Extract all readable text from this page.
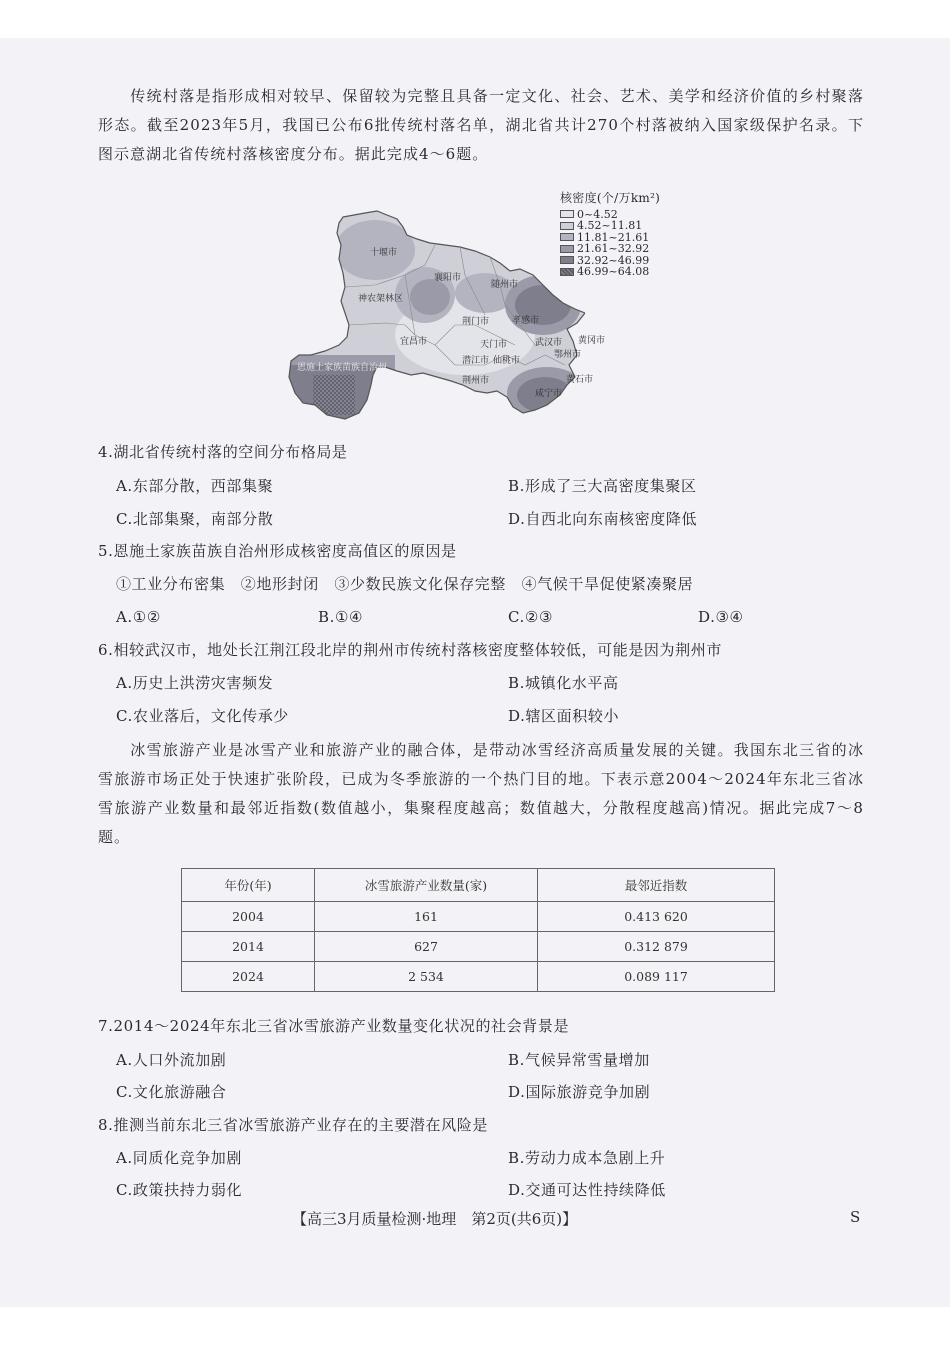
传统村落是指形成相对较早、保留较为完整且具备一定文化、社会、艺术、美学和经济价值的乡村聚落形态。截至2023年5月，我国已公布6批传统村落名单，湖北省共计270个村落被纳入国家级保护名录。下图示意湖北省传统村落核密度分布。据此完成4～6题。
十堰市
襄阳市
随州市
神农架林区
荆门市	孝感市
宜昌市	天门市	武汉市 黄冈市
鄂州市
潜江市 仙桃市
恩施土家族苗族自治州
荆州市	黄石市
咸宁市
核密度(个/万km²)
0~4.52
4.52~11.81
11.81~21.61
21.61~32.92
32.92~46.99
46.99~64.08
4.湖北省传统村落的空间分布格局是
A.东部分散，西部集聚	B.形成了三大高密度集聚区
C.北部集聚，南部分散	D.自西北向东南核密度降低
5.恩施土家族苗族自治州形成核密度高值区的原因是
①工业分布密集　②地形封闭　③少数民族文化保存完整　④气候干旱促使紧凑聚居
A.①②	B.①④	C.②③	D.③④
6.相较武汉市，地处长江荆江段北岸的荆州市传统村落核密度整体较低，可能是因为荆州市
A.历史上洪涝灾害频发	B.城镇化水平高
C.农业落后，文化传承少	D.辖区面积较小
冰雪旅游产业是冰雪产业和旅游产业的融合体，是带动冰雪经济高质量发展的关键。我国东北三省的冰雪旅游市场正处于快速扩张阶段，已成为冬季旅游的一个热门目的地。下表示意2004～2024年东北三省冰雪旅游产业数量和最邻近指数(数值越小，集聚程度越高；数值越大，分散程度越高)情况。据此完成7～8题。
年份(年)	冰雪旅游产业数量(家)	最邻近指数
2004	161	0.413 620
2014	627	0.312 879
2024	2 534	0.089 117
7.2014～2024年东北三省冰雪旅游产业数量变化状况的社会背景是
A.人口外流加剧	B.气候异常雪量增加
C.文化旅游融合	D.国际旅游竞争加剧
8.推测当前东北三省冰雪旅游产业存在的主要潜在风险是
A.同质化竞争加剧	B.劳动力成本急剧上升
C.政策扶持力弱化	D.交通可达性持续降低
【高三3月质量检测·地理　第2页(共6页)】	S
